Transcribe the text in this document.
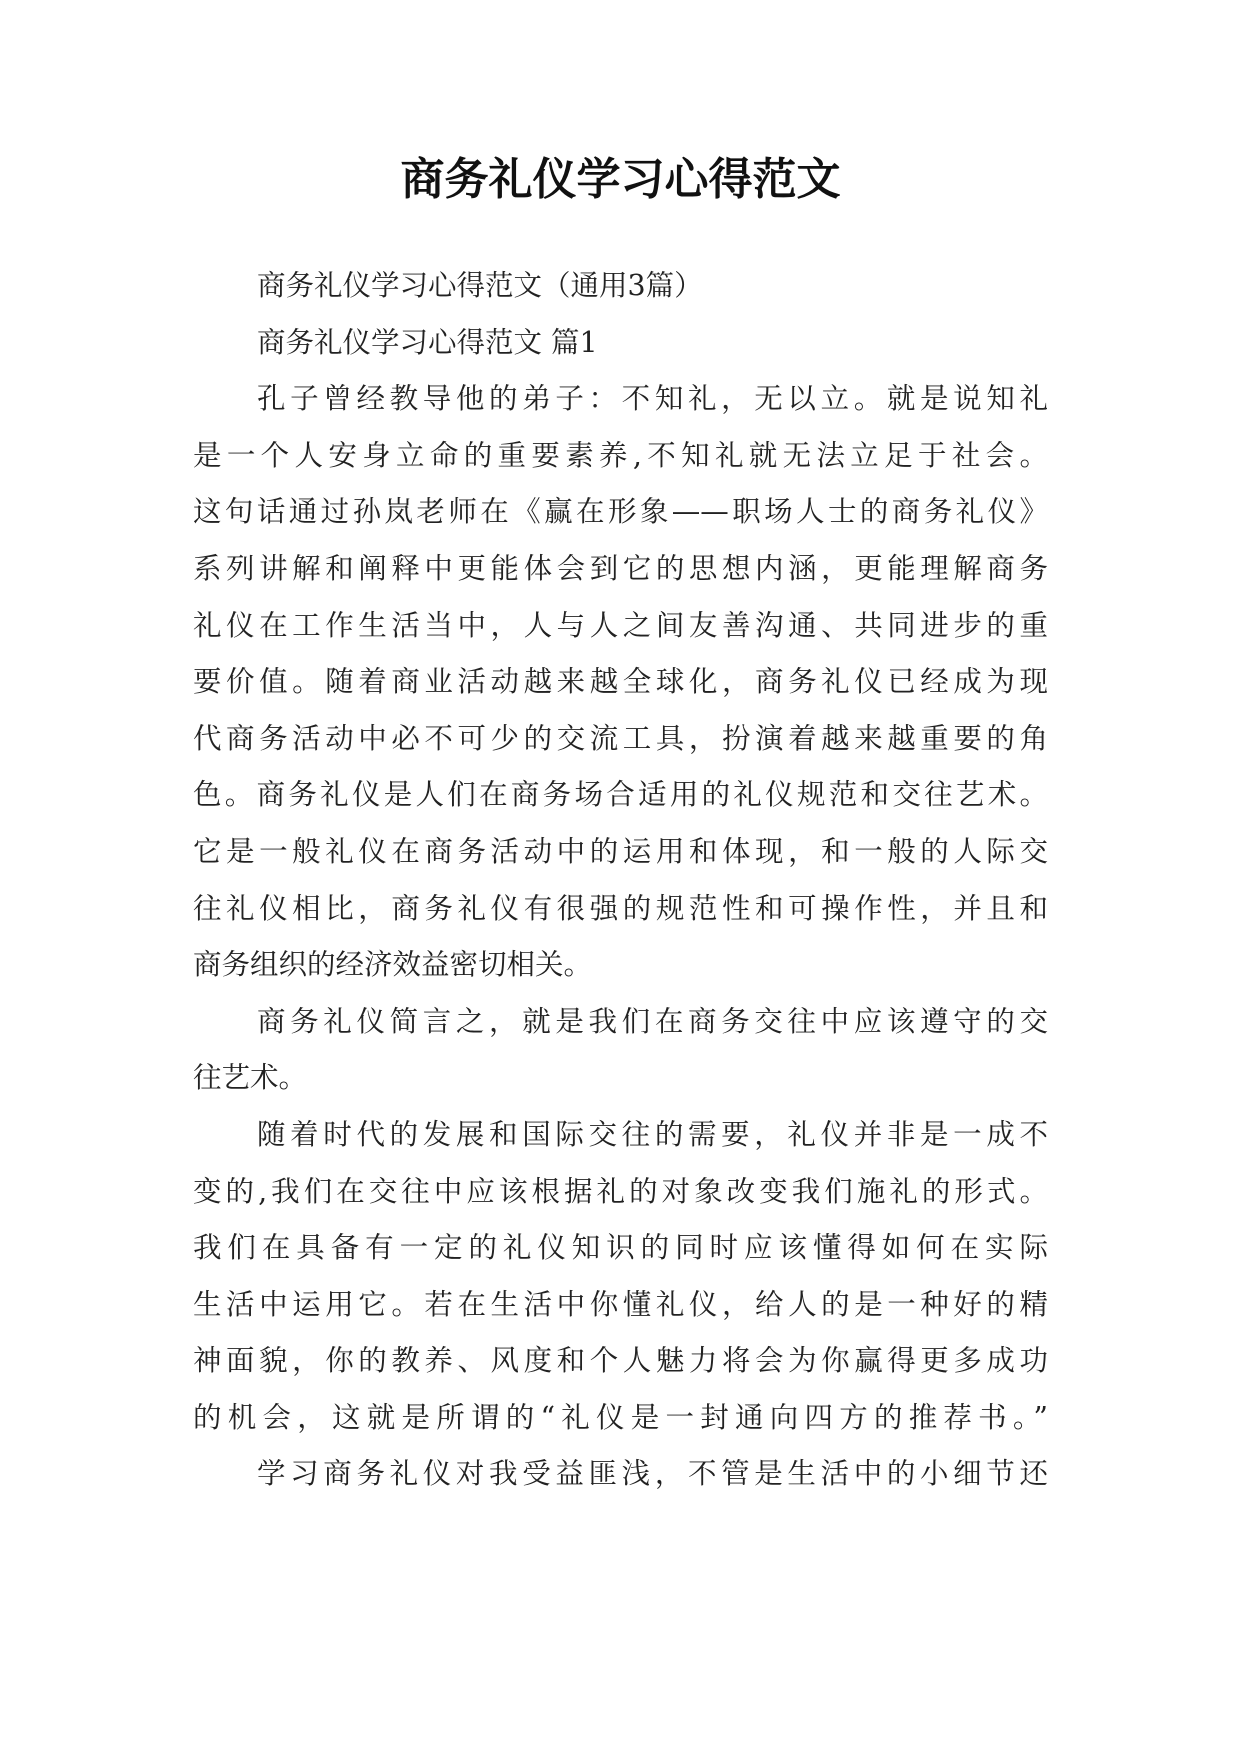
商务礼仪学习心得范文
商务礼仪学习心得范文（通用3篇）
商务礼仪学习心得范文 篇1
孔子曾经教导他的弟子：不知礼，无以立。就是说知礼
是一个人安身立命的重要素养,不知礼就无法立足于社会。
这句话通过孙岚老师在《赢在形象——职场人士的商务礼仪》
系列讲解和阐释中更能体会到它的思想内涵，更能理解商务
礼仪在工作生活当中，人与人之间友善沟通、共同进步的重
要价值。随着商业活动越来越全球化，商务礼仪已经成为现
代商务活动中必不可少的交流工具，扮演着越来越重要的角
色。商务礼仪是人们在商务场合适用的礼仪规范和交往艺术。
它是一般礼仪在商务活动中的运用和体现，和一般的人际交
往礼仪相比，商务礼仪有很强的规范性和可操作性，并且和
商务组织的经济效益密切相关。
商务礼仪简言之，就是我们在商务交往中应该遵守的交
往艺术。
随着时代的发展和国际交往的需要，礼仪并非是一成不
变的,我们在交往中应该根据礼的对象改变我们施礼的形式。
我们在具备有一定的礼仪知识的同时应该懂得如何在实际
生活中运用它。若在生活中你懂礼仪，给人的是一种好的精
神面貌，你的教养、风度和个人魅力将会为你赢得更多成功
的机会，这就是所谓的“礼仪是一封通向四方的推荐书。”
学习商务礼仪对我受益匪浅，不管是生活中的小细节还
